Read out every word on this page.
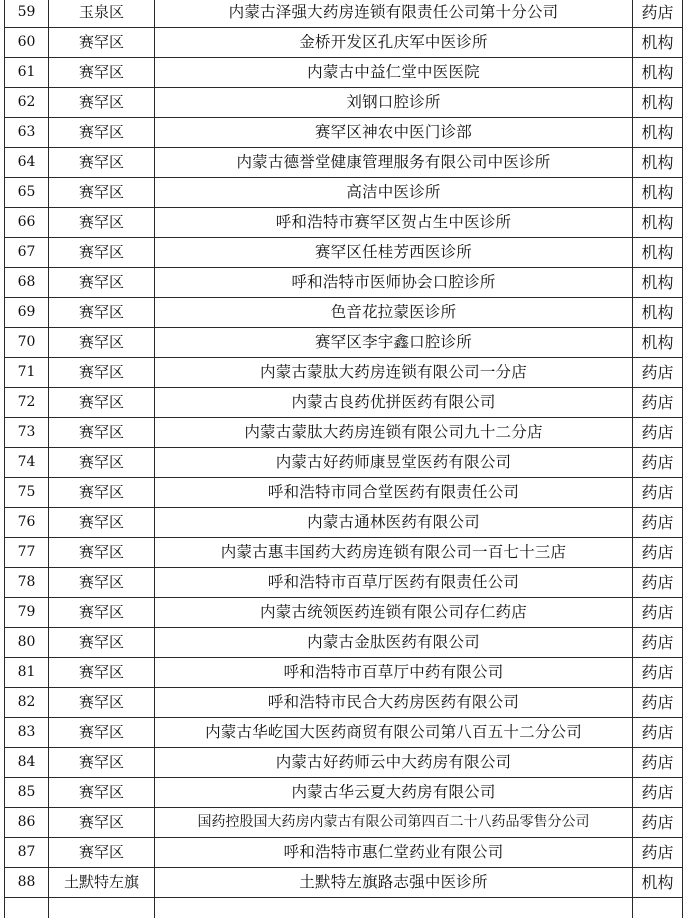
59	玉泉区	内蒙古泽强大药房连锁有限责任公司第十分公司	药店
60	赛罕区	金桥开发区孔庆军中医诊所	机构
61	赛罕区	内蒙古中益仁堂中医医院	机构
62	赛罕区	刘钢口腔诊所	机构
63	赛罕区	赛罕区神农中医门诊部	机构
64	赛罕区	内蒙古德誉堂健康管理服务有限公司中医诊所	机构
65	赛罕区	高洁中医诊所	机构
66	赛罕区	呼和浩特市赛罕区贺占生中医诊所	机构
67	赛罕区	赛罕区任桂芳西医诊所	机构
68	赛罕区	呼和浩特市医师协会口腔诊所	机构
69	赛罕区	色音花拉蒙医诊所	机构
70	赛罕区	赛罕区李宇鑫口腔诊所	机构
71	赛罕区	内蒙古蒙肽大药房连锁有限公司一分店	药店
72	赛罕区	内蒙古良药优拼医药有限公司	药店
73	赛罕区	内蒙古蒙肽大药房连锁有限公司九十二分店	药店
74	赛罕区	内蒙古好药师康昱堂医药有限公司	药店
75	赛罕区	呼和浩特市同合堂医药有限责任公司	药店
76	赛罕区	内蒙古通林医药有限公司	药店
77	赛罕区	内蒙古惠丰国药大药房连锁有限公司一百七十三店	药店
78	赛罕区	呼和浩特市百草厅医药有限责任公司	药店
79	赛罕区	内蒙古统领医药连锁有限公司存仁药店	药店
80	赛罕区	内蒙古金肽医药有限公司	药店
81	赛罕区	呼和浩特市百草厅中药有限公司	药店
82	赛罕区	呼和浩特市民合大药房医药有限公司	药店
83	赛罕区	内蒙古华屹国大医药商贸有限公司第八百五十二分公司	药店
84	赛罕区	内蒙古好药师云中大药房有限公司	药店
85	赛罕区	内蒙古华云夏大药房有限公司	药店
86	赛罕区	国药控股国大药房内蒙古有限公司第四百二十八药品零售分公司	药店
87	赛罕区	呼和浩特市惠仁堂药业有限公司	药店
88	土默特左旗	土默特左旗路志强中医诊所	机构
